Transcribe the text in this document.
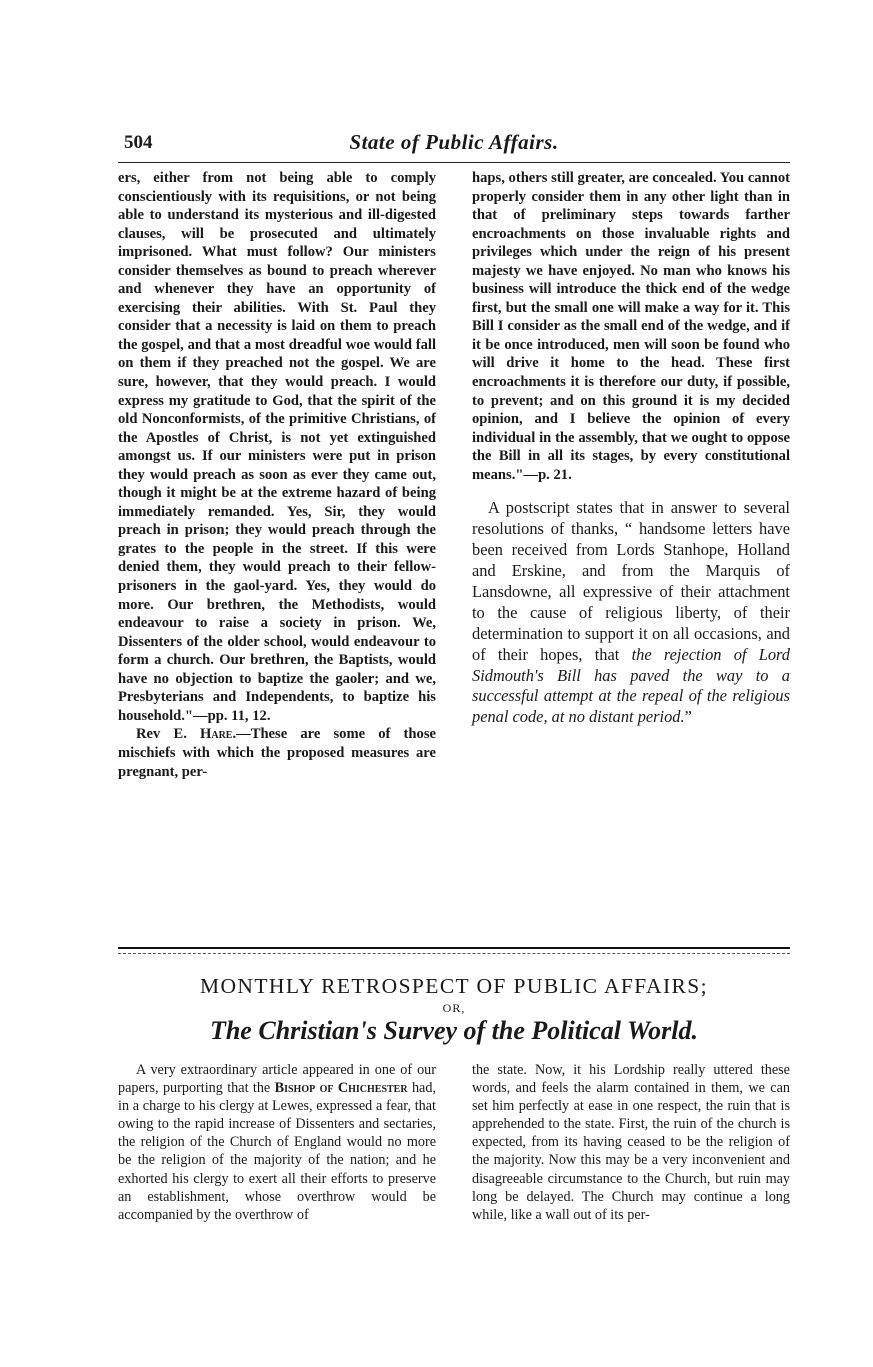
504	State of Public Affairs.

ers, either from not being able to comply conscientiously with its requisitions, or not being able to understand its mysterious and ill-digested clauses, will be prosecuted and ultimately imprisoned. What must follow? Our ministers consider themselves as bound to preach wherever and whenever they have an opportunity of exercising their abilities. With St. Paul they consider that a necessity is laid on them to preach the gospel, and that a most dreadful woe would fall on them if they preached not the gospel. We are sure, however, that they would preach. I would express my gratitude to God, that the spirit of the old Nonconformists, of the primitive Christians, of the Apostles of Christ, is not yet extinguished amongst us. If our ministers were put in prison they would preach as soon as ever they came out, though it might be at the extreme hazard of being immediately remanded. Yes, Sir, they would preach in prison; they would preach through the grates to the people in the street. If this were denied them, they would preach to their fellow-prisoners in the gaol-yard. Yes, they would do more. Our brethren, the Methodists, would endeavour to raise a society in prison. We, Dissenters of the older school, would endeavour to form a church. Our brethren, the Baptists, would have no objection to baptize the gaoler; and we, Presbyterians and Independents, to baptize his household."—pp. 11, 12.

Rev E. Hare.—These are some of those mischiefs with which the proposed measures are pregnant, per-

haps, others still greater, are concealed. You cannot properly consider them in any other light than in that of preliminary steps towards farther encroachments on those invaluable rights and privileges which under the reign of his present majesty we have enjoyed. No man who knows his business will introduce the thick end of the wedge first, but the small one will make a way for it. This Bill I consider as the small end of the wedge, and if it be once introduced, men will soon be found who will drive it home to the head. These first encroachments it is therefore our duty, if possible, to prevent; and on this ground it is my decided opinion, and I believe the opinion of every individual in the assembly, that we ought to oppose the Bill in all its stages, by every constitutional means."—p. 21.

A postscript states that in answer to several resolutions of thanks, “ handsome letters have been received from Lords Stanhope, Holland and Erskine, and from the Marquis of Lansdowne, all expressive of their attachment to the cause of religious liberty, of their determination to support it on all occasions, and of their hopes, that the rejection of Lord Sidmouth's Bill has paved the way to a successful attempt at the repeal of the religious penal code, at no distant period.”

MONTHLY RETROSPECT OF PUBLIC AFFAIRS;
OR,
The Christian's Survey of the Political World.

A very extraordinary article appeared in one of our papers, purporting that the Bishop of Chichester had, in a charge to his clergy at Lewes, expressed a fear, that owing to the rapid increase of Dissenters and sectaries, the religion of the Church of England would no more be the religion of the majority of the nation; and he exhorted his clergy to exert all their efforts to preserve an establishment, whose overthrow would be accompanied by the overthrow of

the state. Now, it his Lordship really uttered these words, and feels the alarm contained in them, we can set him perfectly at ease in one respect, the ruin that is apprehended to the state. First, the ruin of the church is expected, from its having ceased to be the religion of the majority. Now this may be a very inconvenient and disagreeable circumstance to the Church, but ruin may long be delayed. The Church may continue a long while, like a wall out of its per-
